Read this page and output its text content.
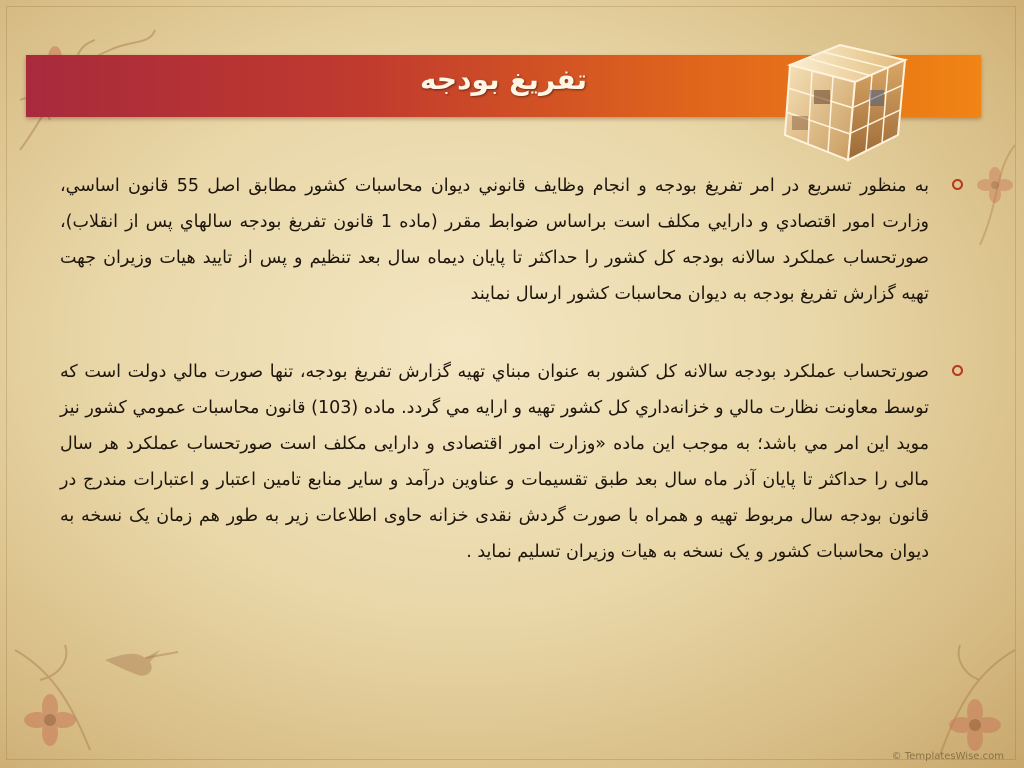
تفريغ بودجه

به منظور تسريع در امر تفريغ بودجه و انجام وظايف قانوني ديوان محاسبات کشور مطابق اصل 55 قانون اساسي، وزارت امور اقتصادي و دارايي مکلف است براساس ضوابط مقرر (ماده 1 قانون تفريغ بودجه سالهاي پس از انقلاب)، صورتحساب عملكرد سالانه بودجه کل کشور را حداکثر تا پايان ديماه سال بعد تنظيم و پس از تاييد هيات وزيران جهت تهيه گزارش تفريغ بودجه به ديوان محاسبات کشور ارسال نمايند

صورتحساب عملكرد بودجه سالانه کل کشور به عنوان مبناي تهيه گزارش تفريغ بودجه، تنها صورت مالي دولت است که توسط معاونت نظارت مالي و خزانه‌داري کل کشور تهيه و ارايه مي گردد. ماده (103) قانون محاسبات عمومي كشور نيز مويد اين امر مي باشد؛ به موجب اين ماده «وزارت امور اقتصادی و دارایی مکلف است صورتحساب عملکرد هر سال مالی را حداکثر تا پایان آذر ماه سال بعد طبق تقسیمات و عناوین درآمد و سایر منابع تامین اعتبار و اعتبارات مندرج در قانون بودجه سال مربوط تهیه و همراه با صورت گردش نقدی خزانه حاوی اطلاعات زیر به طور هم زمان یک نسخه به دیوان محاسبات کشور و یک نسخه به هیات وزیران تسلیم نماید .

© TemplatesWise.com
